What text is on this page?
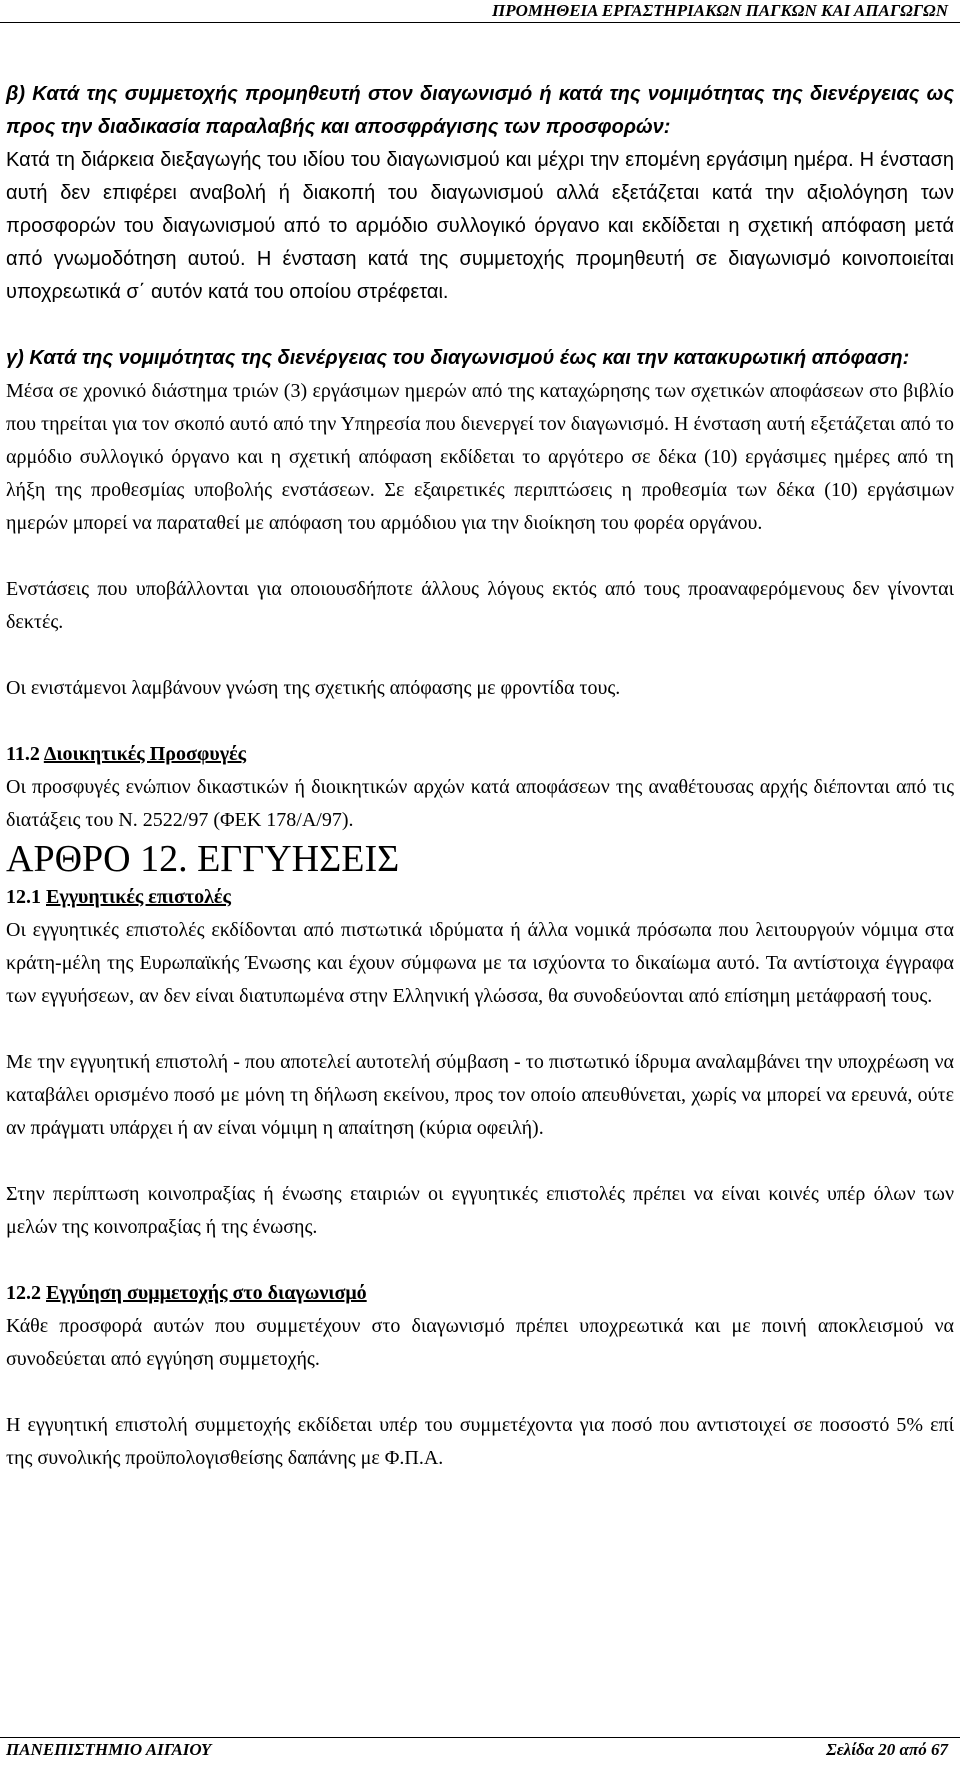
ΠΡΟΜΗΘΕΙΑ ΕΡΓΑΣΤΗΡΙΑΚΩΝ ΠΑΓΚΩΝ ΚΑΙ ΑΠΑΓΩΓΩΝ

β) Κατά της συμμετοχής προμηθευτή στον διαγωνισμό ή κατά της νομιμότητας της διενέργειας ως προς την διαδικασία παραλαβής και αποσφράγισης των προσφορών:

Κατά τη διάρκεια διεξαγωγής του ιδίου του διαγωνισμού και μέχρι την επομένη εργάσιμη ημέρα. Η ένσταση αυτή δεν επιφέρει αναβολή ή διακοπή του διαγωνισμού αλλά εξετάζεται κατά την αξιολόγηση των προσφορών του διαγωνισμού από το αρμόδιο συλλογικό όργανο και εκδίδεται η σχετική απόφαση μετά από γνωμοδότηση αυτού. Η ένσταση κατά της συμμετοχής προμηθευτή σε διαγωνισμό κοινοποιείται υποχρεωτικά σ΄ αυτόν κατά του οποίου στρέφεται.

γ) Κατά της νομιμότητας της διενέργειας του διαγωνισμού έως και την κατακυρωτική απόφαση:

Μέσα σε χρονικό διάστημα τριών (3) εργάσιμων ημερών από της καταχώρησης των σχετικών αποφάσεων στο βιβλίο που τηρείται για τον σκοπό αυτό από την Υπηρεσία που διενεργεί τον διαγωνισμό. Η ένσταση αυτή εξετάζεται από το αρμόδιο συλλογικό όργανο και η σχετική απόφαση εκδίδεται το αργότερο σε δέκα (10) εργάσιμες ημέρες από τη λήξη της προθεσμίας υποβολής ενστάσεων. Σε εξαιρετικές περιπτώσεις η προθεσμία των δέκα (10) εργάσιμων ημερών μπορεί να παραταθεί με απόφαση του αρμόδιου για την διοίκηση του φορέα οργάνου.

Ενστάσεις που υποβάλλονται για οποιουσδήποτε άλλους λόγους εκτός από τους προαναφερόμενους δεν γίνονται δεκτές.

Οι ενιστάμενοι λαμβάνουν γνώση της σχετικής απόφασης με φροντίδα τους.

11.2 Διοικητικές Προσφυγές

Οι προσφυγές ενώπιον δικαστικών ή διοικητικών αρχών κατά αποφάσεων της αναθέτουσας αρχής διέπονται από τις διατάξεις του Ν. 2522/97 (ΦΕΚ 178/Α/97).

ΑΡΘΡΟ 12. ΕΓΓΥΗΣΕΙΣ

12.1 Εγγυητικές επιστολές

Οι εγγυητικές επιστολές εκδίδονται από πιστωτικά ιδρύματα ή άλλα νομικά πρόσωπα που λειτουργούν νόμιμα στα κράτη-μέλη της Ευρωπαϊκής Ένωσης και έχουν σύμφωνα με τα ισχύοντα το δικαίωμα αυτό. Τα αντίστοιχα έγγραφα των εγγυήσεων, αν δεν είναι διατυπωμένα στην Ελληνική γλώσσα, θα συνοδεύονται από επίσημη μετάφρασή τους.

Με την εγγυητική επιστολή - που αποτελεί αυτοτελή σύμβαση - το πιστωτικό ίδρυμα αναλαμβάνει την υποχρέωση να καταβάλει ορισμένο ποσό με μόνη τη δήλωση εκείνου, προς τον οποίο απευθύνεται, χωρίς να μπορεί να ερευνά, ούτε αν πράγματι υπάρχει ή αν είναι νόμιμη η απαίτηση (κύρια οφειλή).

Στην περίπτωση κοινοπραξίας ή ένωσης εταιριών οι εγγυητικές επιστολές πρέπει να είναι κοινές υπέρ όλων των μελών της κοινοπραξίας ή της ένωσης.

12.2 Εγγύηση συμμετοχής στο διαγωνισμό

Κάθε προσφορά αυτών που συμμετέχουν στο διαγωνισμό πρέπει υποχρεωτικά και με ποινή αποκλεισμού να συνοδεύεται από εγγύηση συμμετοχής.

Η εγγυητική επιστολή συμμετοχής εκδίδεται υπέρ του συμμετέχοντα για ποσό που αντιστοιχεί σε ποσοστό 5% επί της συνολικής προϋπολογισθείσης δαπάνης με Φ.Π.Α.

ΠΑΝΕΠΙΣΤΗΜΙΟ ΑΙΓΑΙΟΥ	Σελίδα 20 από 67
